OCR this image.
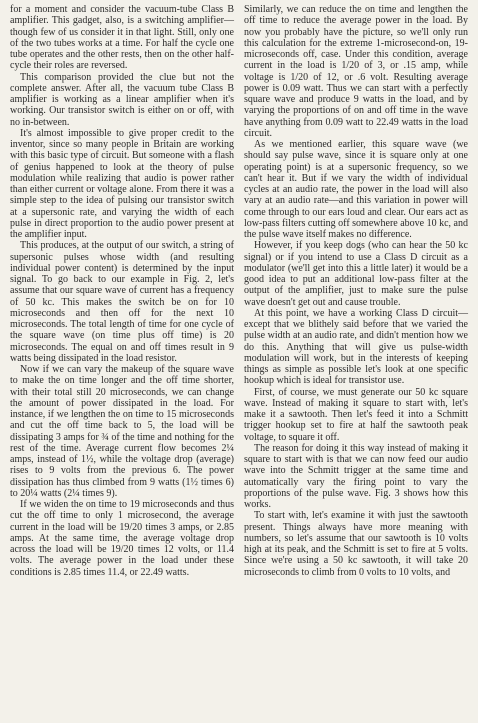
for a moment and consider the vacuum-tube Class B amplifier. This gadget, also, is a switching amplifier—though few of us consider it in that light. Still, only one of the two tubes works at a time. For half the cycle one tube operates and the other rests, then on the other half-cycle their roles are reversed.

This comparison provided the clue but not the complete answer. After all, the vacuum tube Class B amplifier is working as a linear amplifier when it's working. Our transistor switch is either on or off, with no in-between.

It's almost impossible to give proper credit to the inventor, since so many people in Britain are working with this basic type of circuit. But someone with a flash of genius happened to look at the theory of pulse modulation while realizing that audio is power rather than either current or voltage alone. From there it was a simple step to the idea of pulsing our transistor switch at a supersonic rate, and varying the width of each pulse in direct proportion to the audio power present at the amplifier input.

This produces, at the output of our switch, a string of supersonic pulses whose width (and resulting individual power content) is determined by the input signal. To go back to our example in Fig. 2, let's assume that our square wave of current has a frequency of 50 kc. This makes the switch be on for 10 microseconds and then off for the next 10 microseconds. The total length of time for one cycle of the square wave (on time plus off time) is 20 microseconds. The equal on and off times result in 9 watts being dissipated in the load resistor.

Now if we can vary the makeup of the square wave to make the on time longer and the off time shorter, with their total still 20 microseconds, we can change the amount of power dissipated in the load. For instance, if we lengthen the on time to 15 microseconds and cut the off time back to 5, the load will be dissipating 3 amps for ¾ of the time and nothing for the rest of the time. Average current flow becomes 2¼ amps, instead of 1½, while the voltage drop (average) rises to 9 volts from the previous 6. The power dissipation has thus climbed from 9 watts (1½ times 6) to 20¼ watts (2¼ times 9).

If we widen the on time to 19 microseconds and thus cut the off time to only 1 microsecond, the average current in the load will be 19/20 times 3 amps, or 2.85 amps. At the same time, the average voltage drop across the load will be 19/20 times 12 volts, or 11.4 volts. The average power in the load under these conditions is 2.85 times 11.4, or 22.49 watts.

Similarly, we can reduce the on time and lengthen the off time to reduce the average power in the load. By now you probably have the picture, so we'll only run this calculation for the extreme 1-microsecond-on, 19-microseconds off, case. Under this condition, average current in the load is 1/20 of 3, or .15 amp, while voltage is 1/20 of 12, or .6 volt. Resulting average power is 0.09 watt. Thus we can start with a perfectly square wave and produce 9 watts in the load, and by varying the proportions of on and off time in the wave have anything from 0.09 watt to 22.49 watts in the load circuit.

As we mentioned earlier, this square wave (we should say pulse wave, since it is square only at one operating point) is at a supersonic frequency, so we can't hear it. But if we vary the width of individual cycles at an audio rate, the power in the load will also vary at an audio rate—and this variation in power will come through to our ears loud and clear. Our ears act as low-pass filters cutting off somewhere above 10 kc, and the pulse wave itself makes no difference.

However, if you keep dogs (who can hear the 50 kc signal) or if you intend to use a Class D circuit as a modulator (we'll get into this a little later) it would be a good idea to put an additional low-pass filter at the output of the amplifier, just to make sure the pulse wave doesn't get out and cause trouble.

At this point, we have a working Class D circuit—except that we blithely said before that we varied the pulse width at an audio rate, and didn't mention how we do this. Anything that will give us pulse-width modulation will work, but in the interests of keeping things as simple as possible let's look at one specific hookup which is ideal for transistor use.

First, of course, we must generate our 50 kc square wave. Instead of making it square to start with, let's make it a sawtooth. Then let's feed it into a Schmitt trigger hookup set to fire at half the sawtooth peak voltage, to square it off.

The reason for doing it this way instead of making it square to start with is that we can now feed our audio wave into the Schmitt trigger at the same time and automatically vary the firing point to vary the proportions of the pulse wave. Fig. 3 shows how this works.

To start with, let's examine it with just the sawtooth present. Things always have more meaning with numbers, so let's assume that our sawtooth is 10 volts high at its peak, and the Schmitt is set to fire at 5 volts. Since we're using a 50 kc sawtooth, it will take 20 microseconds to climb from 0 volts to 10 volts, and
